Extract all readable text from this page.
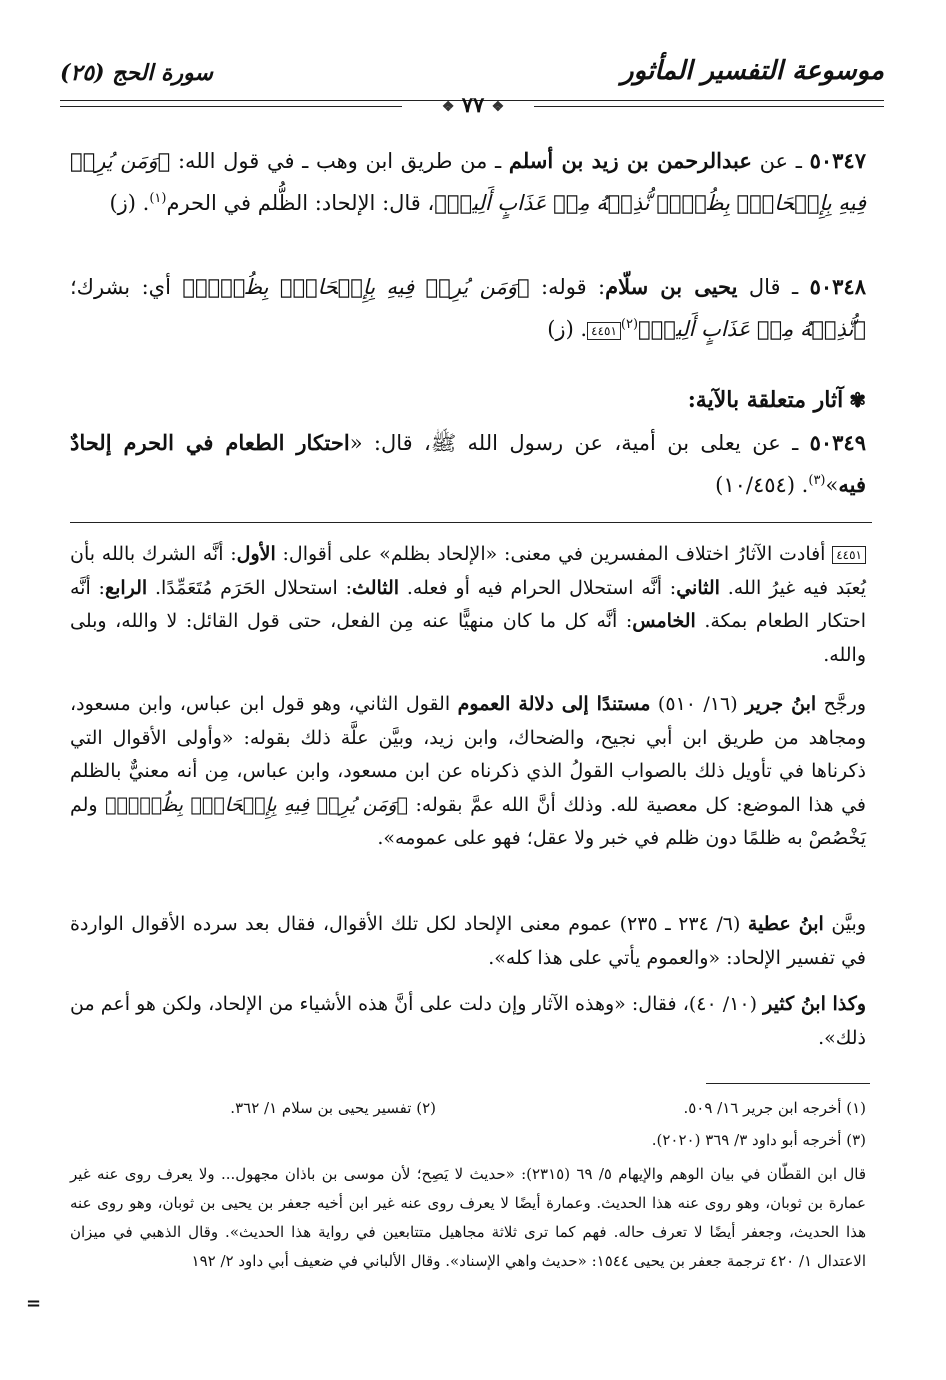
موسوعة التفسير المأثور
سورة الحج (٢٥)
❖ ٧٧ ❖
٥٠٣٤٧ ـ عن عبدالرحمن بن زيد بن أسلم ـ من طريق ابن وهب ـ في قول الله: ﴿وَمَن يُرِدۡ فِيهِ بِإِلۡحَادِۢ بِظُلۡمٖ نُّذِقۡهُ مِنۡ عَذَابٍ أَلِيمٖ﴾، قال: الإلحاد: الظُّلم في الحرم$^{(١)}$. (ز)
٥٠٣٤٨ ـ قال يحيى بن سلّام: قوله: ﴿وَمَن يُرِدۡ فِيهِ بِإِلۡحَادِۢ بِظُلۡمٖ﴾ أي: بشرك؛ ﴿نُّذِقۡهُ مِنۡ عَذَابٍ أَلِيمٖ﴾$^{(٢)}$٤٤٥١. (ز)
✾آثار متعلقة بالآية:
٥٠٣٤٩ ـ عن يعلى بن أمية، عن رسول الله ﷺ، قال: «احتكار الطعام في الحرم إلحادٌ فيه»$^{(٣)}$. (١٠/٤٥٤)
٤٤٥١ أفادت الآثارُ اختلاف المفسرين في معنى: «الإلحاد بظلم» على أقوال: الأول: أنَّه الشرك بالله بأن يُعبَد فيه غيرُ الله. الثاني: أنَّه استحلال الحرام فيه أو فعله. الثالث: استحلال الحَرَم مُتَعَمِّدًا. الرابع: أنَّه احتكار الطعام بمكة. الخامس: أنَّه كل ما كان منهيًّا عنه مِن الفعل، حتى قول القائل: لا والله، وبلى والله.
ورجَّح ابنُ جرير (١٦/ ٥١٠) مستندًا إلى دلالة العموم القول الثاني، وهو قول ابن عباس، وابن مسعود، ومجاهد من طريق ابن أبي نجيح، والضحاك، وابن زيد، وبيَّن علَّة ذلك بقوله: «وأولى الأقوال التي ذكرناها في تأويل ذلك بالصواب القولُ الذي ذكرناه عن ابن مسعود، وابن عباس، مِن أنه معنيٌّ بالظلم في هذا الموضع: كل معصية لله. وذلك أنَّ الله عمَّ بقوله: ﴿وَمَن يُرِدۡ فِيهِ بِإِلۡحَادِۢ بِظُلۡمٖ﴾ ولم يَخْصُصْ به ظلمًا دون ظلم في خبر ولا عقل؛ فهو على عمومه».
وبيَّن ابنُ عطية (٦/ ٢٣٤ ـ ٢٣٥) عموم معنى الإلحاد لكل تلك الأقوال، فقال بعد سرده الأقوال الواردة في تفسير الإلحاد: «والعموم يأتي على هذا كله».
وكذا ابنُ كثير (١٠/ ٤٠)، فقال: «وهذه الآثار وإن دلت على أنَّ هذه الأشياء من الإلحاد، ولكن هو أعم من ذلك».
(١) أخرجه ابن جرير ١٦/ ٥٠٩.
(٢) تفسير يحيى بن سلام ١/ ٣٦٢.
(٣) أخرجه أبو داود ٣/ ٣٦٩ (٢٠٢٠).
قال ابن القطّان في بيان الوهم والإيهام ٥/ ٦٩ (٢٣١٥): «حديث لا يَصِح؛ لأن موسى بن باذان مجهول... ولا يعرف روى عنه غير عمارة بن ثوبان، وهو روى عنه هذا الحديث. وعمارة أيضًا لا يعرف روى عنه غير ابن أخيه جعفر بن يحيى بن ثوبان، وهو روى عنه هذا الحديث، وجعفر أيضًا لا تعرف حاله. فهم كما ترى ثلاثة مجاهيل متتابعين في رواية هذا الحديث». وقال الذهبي في ميزان الاعتدال ١/ ٤٢٠ ترجمة جعفر بن يحيى ١٥٤٤: «حديث واهي الإسناد». وقال الألباني في ضعيف أبي داود ٢/ ١٩٢
=
